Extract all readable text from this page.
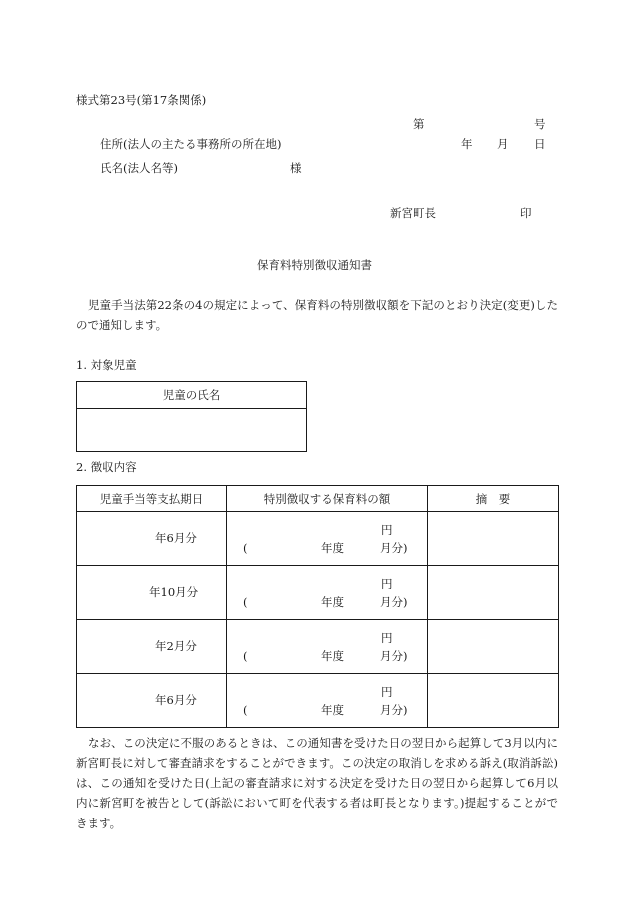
様式第23号(第17条関係)
第	号
住所(法人の主たる事務所の所在地)	年 月 日
氏名(法人名等)	様
新宮町長	印
保育料特別徴収通知書
児童手当法第22条の4の規定によって、保育料の特別徴収額を下記のとおり決定(変更)したので通知します。
1. 対象児童
児童の氏名

2. 徴収内容
児童手当等支払期日	特別徴収する保育料の額	摘　要

年6月分	円
( 年度 月分)	

年10月分	円
( 年度 月分)	

年2月分	円
( 年度 月分)	

年6月分	円
( 年度 月分)	

なお、この決定に不服のあるときは、この通知書を受けた日の翌日から起算して3月以内に新宮町長に対して審査請求をすることができます。この決定の取消しを求める訴え(取消訴訟)は、この通知を受けた日(上記の審査請求に対する決定を受けた日の翌日から起算して6月以内に新宮町を被告として(訴訟において町を代表する者は町長となります。)提起することができます。
